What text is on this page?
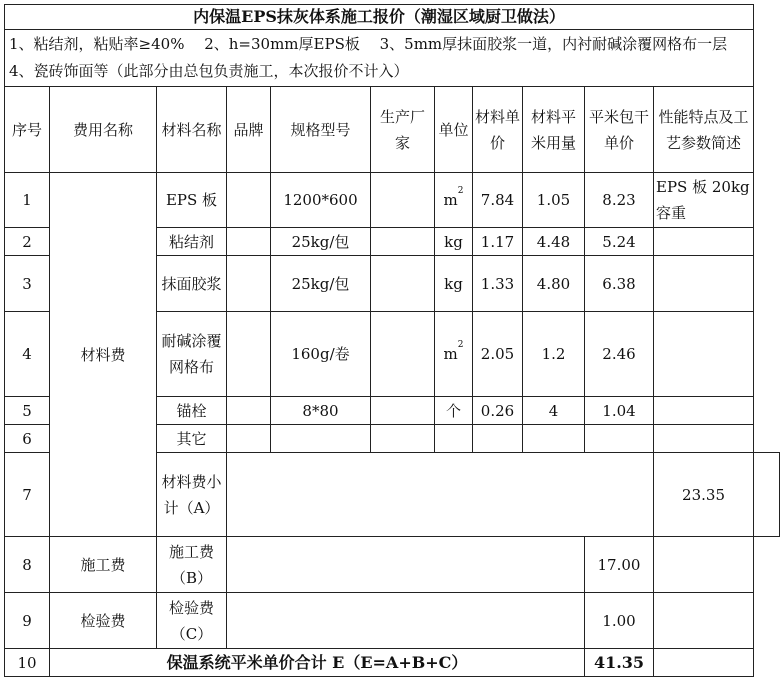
内保温EPS抹灰体系施工报价（潮湿区域厨卫做法）											
1、粘结剂，粘贴率≥40%　 2、h=30mm厚EPS板　 3、5mm厚抹面胶浆一道，内衬耐碱涂覆网格布一层　 4、瓷砖饰面等（此部分由总包负责施工，本次报价不计入）											
序号	费用名称	材料名称	品牌	规格型号	生产厂家	单位	材料单价	材料平米用量	平米包干单价	性能特点及工艺参数简述	
1	材料费	EPS 板		1200*600		$m^2$	7.84	1.05	8.23	EPS 板 20kg 容重	
2		粘结剂		25kg/包		kg	1.17	4.48	5.24		
3		抹面胶浆		25kg/包		kg	1.33	4.80	6.38		
4		耐碱涂覆网格布		160g/卷		$m^2$	2.05	1.2	2.46		
5		锚栓		8*80		个	0.26	4	1.04		
6		其它									
7		材料费小计（A）								23.35	
8	施工费	施工费（B）							17.00		
9	检验费	检验费（C）							1.00		
10	保温系统平米单价合计 E（E=A+B+C）								41.35		
